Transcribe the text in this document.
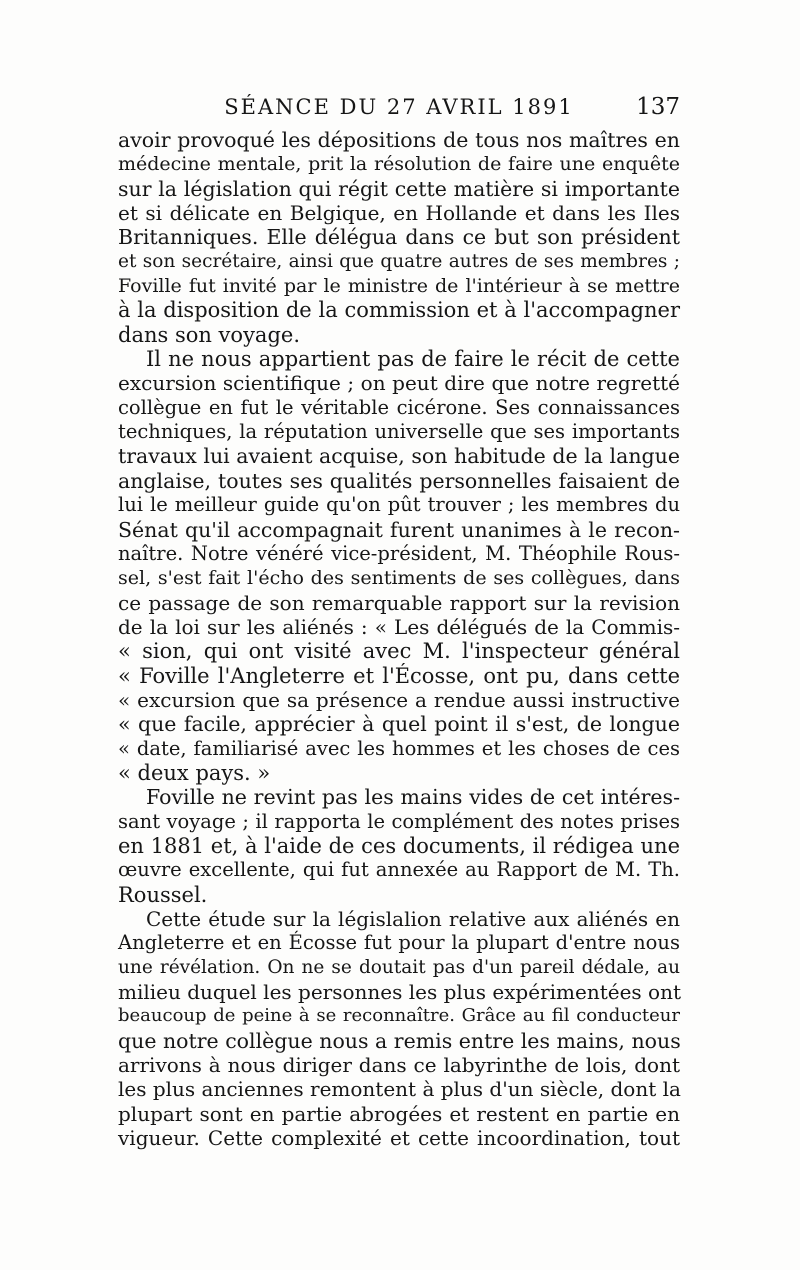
SÉANCE DU 27 AVRIL 1891	137
avoir provoqué les dépositions de tous nos maîtres en
médecine mentale, prit la résolution de faire une enquête
sur la législation qui régit cette matière si importante
et si délicate en Belgique, en Hollande et dans les Iles
Britanniques. Elle délégua dans ce but son président
et son secrétaire, ainsi que quatre autres de ses membres ;
Foville fut invité par le ministre de l'intérieur à se mettre
à la disposition de la commission et à l'accompagner
dans son voyage.
Il ne nous appartient pas de faire le récit de cette
excursion scientifique ; on peut dire que notre regretté
collègue en fut le véritable cicérone. Ses connaissances
techniques, la réputation universelle que ses importants
travaux lui avaient acquise, son habitude de la langue
anglaise, toutes ses qualités personnelles faisaient de
lui le meilleur guide qu'on pût trouver ; les membres du
Sénat qu'il accompagnait furent unanimes à le recon-
naître. Notre vénéré vice-président, M. Théophile Rous-
sel, s'est fait l'écho des sentiments de ses collègues, dans
ce passage de son remarquable rapport sur la revision
de la loi sur les aliénés : « Les délégués de la Commis-
« sion, qui ont visité avec M. l'inspecteur général
« Foville l'Angleterre et l'Écosse, ont pu, dans cette
« excursion que sa présence a rendue aussi instructive
« que facile, apprécier à quel point il s'est, de longue
« date, familiarisé avec les hommes et les choses de ces
« deux pays. »
Foville ne revint pas les mains vides de cet intéres-
sant voyage ; il rapporta le complément des notes prises
en 1881 et, à l'aide de ces documents, il rédigea une
œuvre excellente, qui fut annexée au Rapport de M. Th.
Roussel.
Cette étude sur la législalion relative aux aliénés en
Angleterre et en Écosse fut pour la plupart d'entre nous
une révélation. On ne se doutait pas d'un pareil dédale, au
milieu duquel les personnes les plus expérimentées ont
beaucoup de peine à se reconnaître. Grâce au fil conducteur
que notre collègue nous a remis entre les mains, nous
arrivons à nous diriger dans ce labyrinthe de lois, dont
les plus anciennes remontent à plus d'un siècle, dont la
plupart sont en partie abrogées et restent en partie en
vigueur. Cette complexité et cette incoordination, tout
